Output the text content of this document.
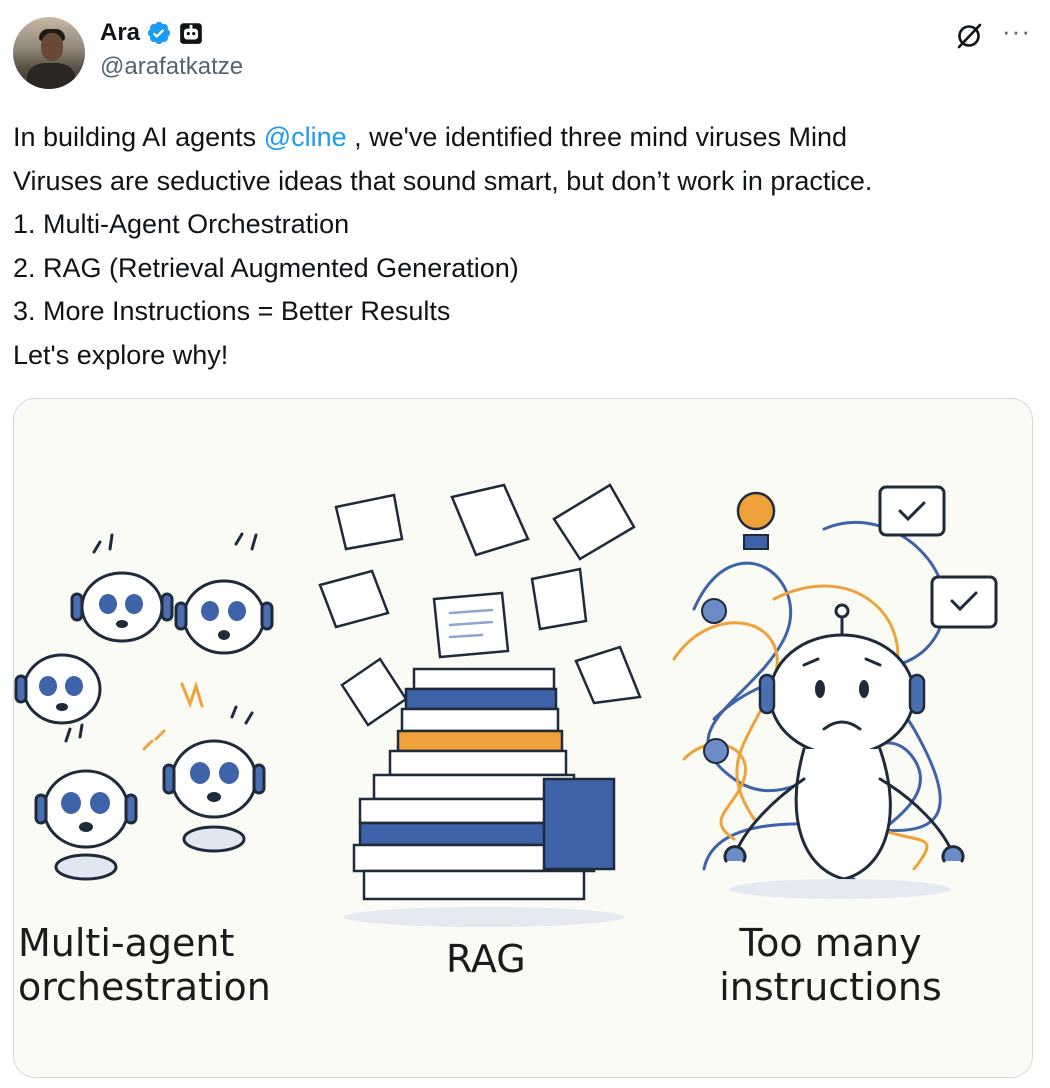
Ara
@arafatkatze
···
In building AI agents @cline , we've identified three mind viruses Mind
Viruses are seductive ideas that sound smart, but don’t work in practice.
1. Multi-Agent Orchestration
2. RAG (Retrieval Augmented Generation)
3. More Instructions = Better Results
Let's explore why!
Multi-agent
orchestration
RAG	Too many
instructions
